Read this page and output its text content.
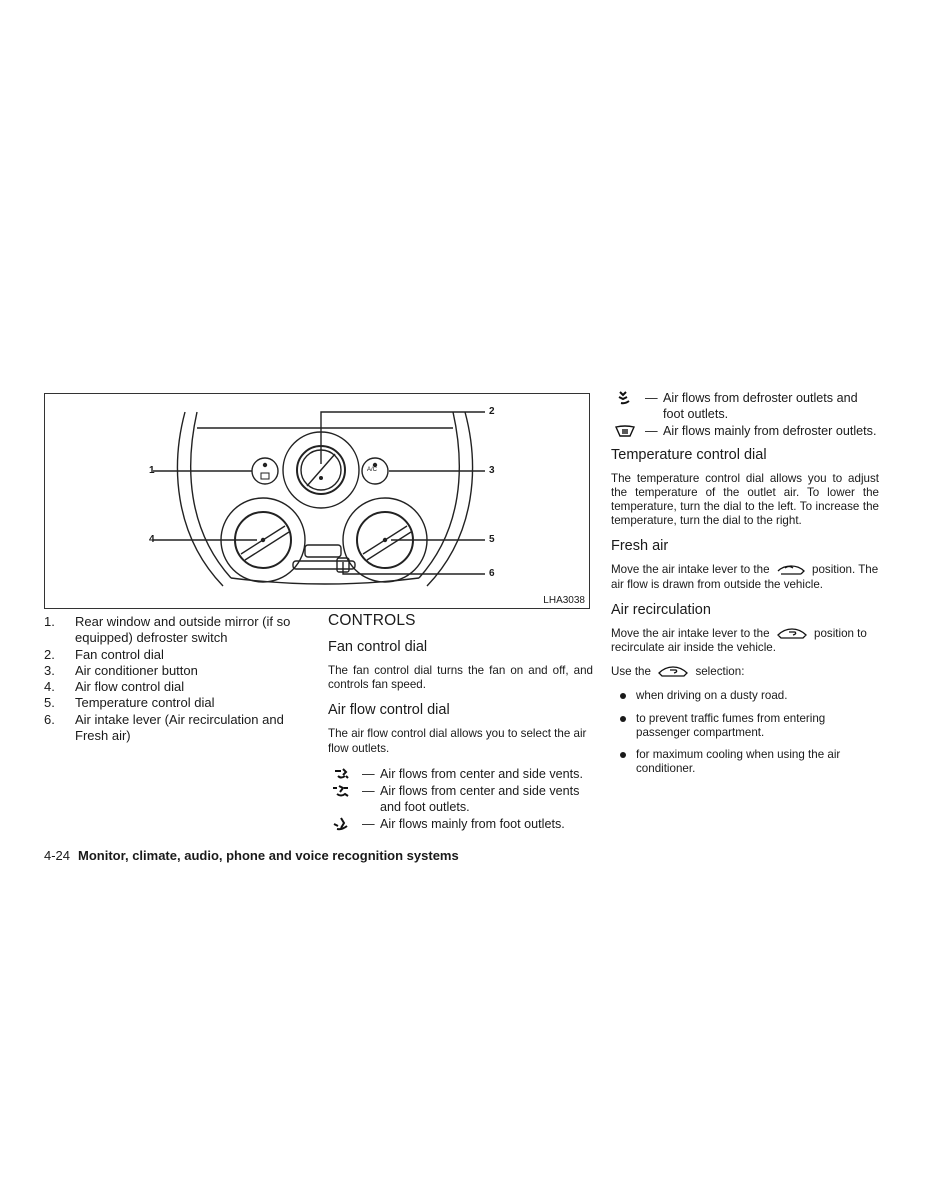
1
2
3
4	5
6
A/C
LHA3038
1. Rear window and outside mirror (if so equipped) defroster switch
2. Fan control dial
3. Air conditioner button
4. Air flow control dial
5. Temperature control dial
6. Air intake lever (Air recirculation and Fresh air)
CONTROLS
Fan control dial

The fan control dial turns the fan on and off, and controls fan speed.

Air flow control dial

The air flow control dial allows you to select the air flow outlets.

— Air flows from center and side vents.
— Air flows from center and side vents and foot outlets.
— Air flows mainly from foot outlets.
— Air flows from defroster outlets and foot outlets.
— Air flows mainly from defroster outlets.
Temperature control dial

The temperature control dial allows you to adjust the temperature of the outlet air. To lower the temperature, turn the dial to the left. To increase the temperature, turn the dial to the right.

Fresh air

Move the air intake lever to the	position. The air flow is drawn from outside the vehicle.

Air recirculation

Move the air intake lever to the	position to recirculate air inside the vehicle.

Use the	selection:

when driving on a dusty road.
to prevent traffic fumes from entering passenger compartment.
for maximum cooling when using the air conditioner.
4-24 Monitor, climate, audio, phone and voice recognition systems
